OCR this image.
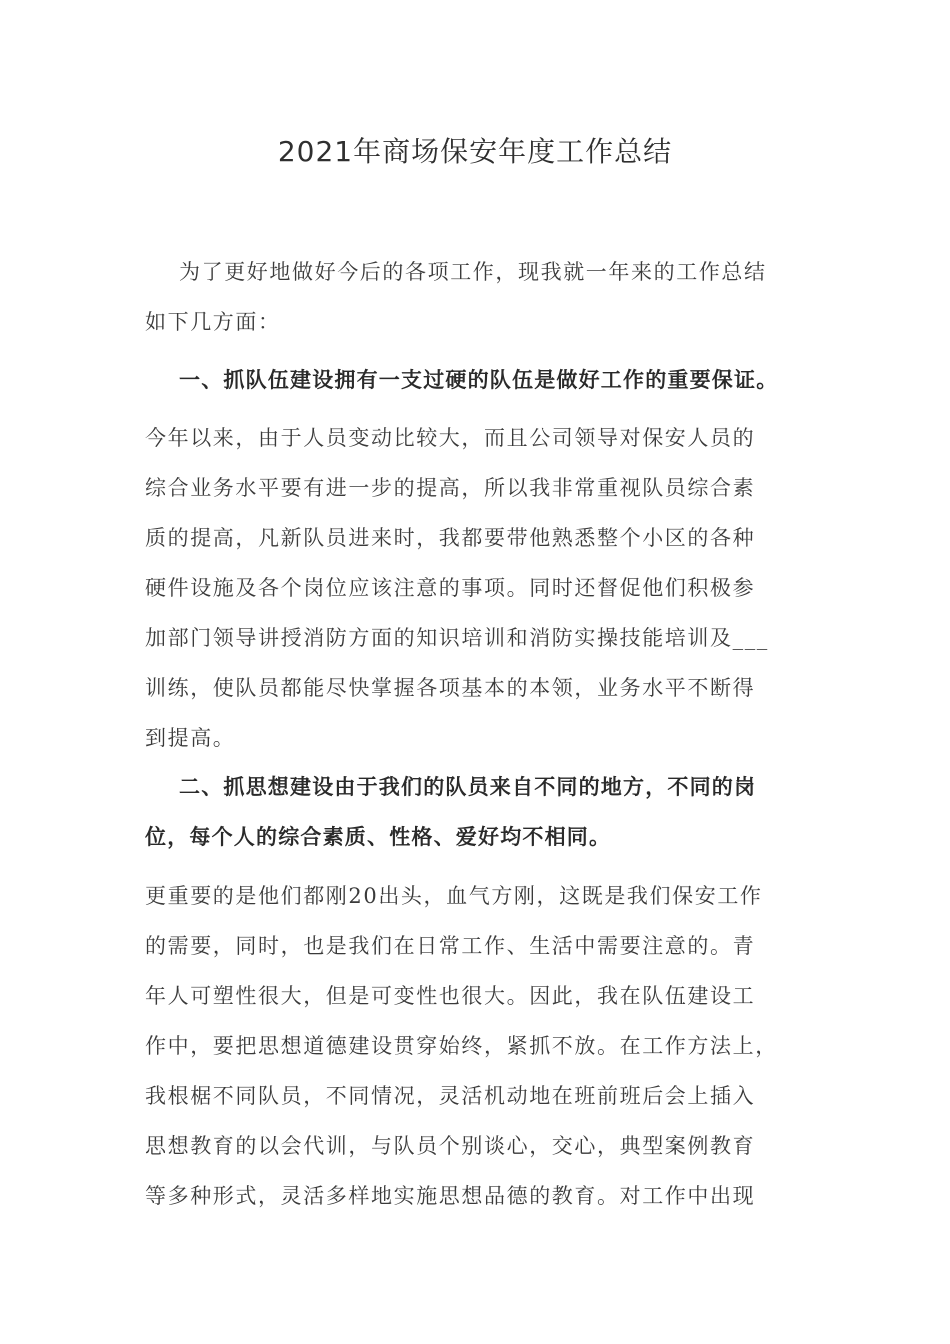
2021年商场保安年度工作总结
为了更好地做好今后的各项工作，现我就一年来的工作总结
如下几方面：
一、抓队伍建设拥有一支过硬的队伍是做好工作的重要保证。
今年以来，由于人员变动比较大，而且公司领导对保安人员的
综合业务水平要有进一步的提高，所以我非常重视队员综合素
质的提高，凡新队员进来时，我都要带他熟悉整个小区的各种
硬件设施及各个岗位应该注意的事项。同时还督促他们积极参
加部门领导讲授消防方面的知识培训和消防实操技能培训及___
训练，使队员都能尽快掌握各项基本的本领，业务水平不断得
到提高。
二、抓思想建设由于我们的队员来自不同的地方，不同的岗
位，每个人的综合素质、性格、爱好均不相同。
更重要的是他们都刚20出头，血气方刚，这既是我们保安工作
的需要，同时，也是我们在日常工作、生活中需要注意的。青
年人可塑性很大，但是可变性也很大。因此，我在队伍建设工
作中，要把思想道德建设贯穿始终，紧抓不放。在工作方法上，
我根椐不同队员，不同情况，灵活机动地在班前班后会上插入
思想教育的以会代训，与队员个别谈心，交心，典型案例教育
等多种形式，灵活多样地实施思想品德的教育。对工作中出现
